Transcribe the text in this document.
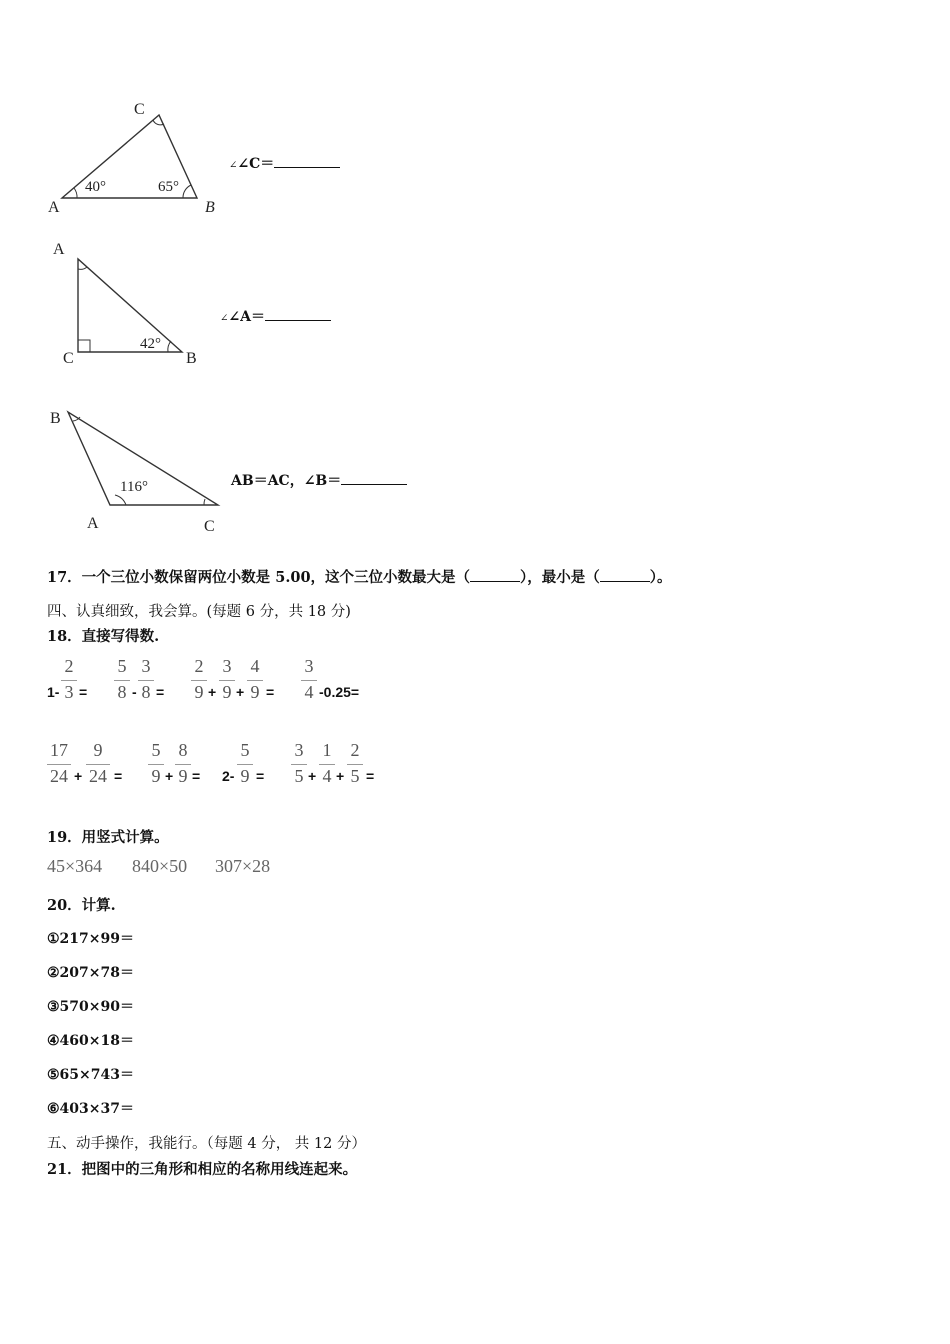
C
A	B
40°	65°
∠∠C＝
A
C	B
42°
∠∠A＝
B
A	C
116°	AB＝AC，∠B＝
17．一个三位小数保留两位小数是 5.00，这个三位小数最大是（	），最小是（	）。
四、认真细致，我会算。(每题 6 分，共 18 分)
18．直接写得数.
1-
2
3 =
5
8 -
3
8 =
2
9 +
3
9 +
4
9 =
3
4 -0.25=
17
24 +
9
24 =
5
9 +
8
9 = 2-
5
9 =
3
5 +
1
4 +
2
5 =
19．用竖式计算。
45×364 840×50 307×28
20．计算.
①217×99＝
②207×78＝
③570×90＝
④460×18＝
⑤65×743＝
⑥403×37＝
五、动手操作，我能行。（每题 4 分， 共 12 分）
21．把图中的三角形和相应的名称用线连起来。
